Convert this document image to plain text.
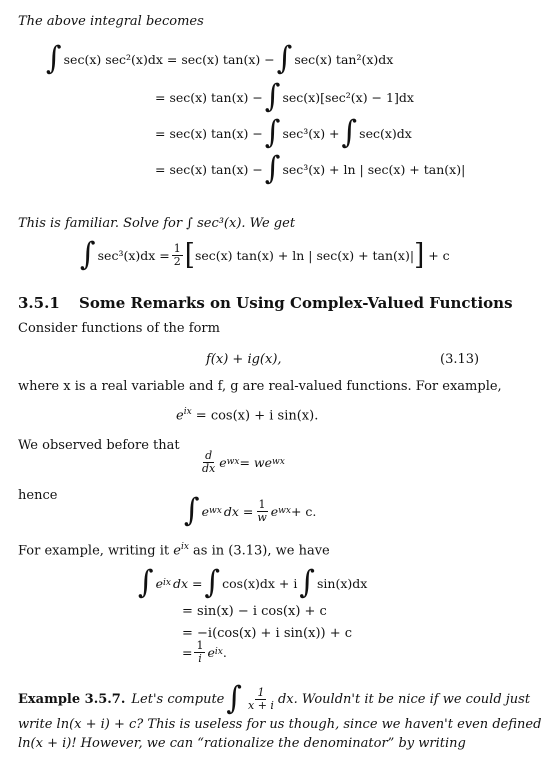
The above integral becomes
∫ sec(x) sec²(x)dx = sec(x) tan(x) − ∫ sec(x) tan²(x)dx
= sec(x) tan(x) − ∫ sec(x)[sec²(x) − 1]dx
= sec(x) tan(x) − ∫ sec³(x) + ∫ sec(x)dx
= sec(x) tan(x) − ∫ sec³(x) + ln | sec(x) + tan(x)|
This is familiar. Solve for ∫ sec³(x). We get
∫ $\sec^3(x)dx = \frac{1}{2}$ [ sec(x) tan(x) + ln | sec(x) + tan(x)| ] + c
3.5.1 Some Remarks on Using Complex-Valued Functions
Consider functions of the form
f(x) + ig(x),	(3.13)
where x is a real variable and f, g are real-valued functions. For example,
$e^{ix} = \cos(x) + i$ sin(x).
We observed before that
$\frac{d}{dx}$ e wx = we wx
hence	∫ e wx dx = $\frac{1}{w}$ e wx + c.
For example, writing it $e^{ix}$ as in (3.13), we have
∫ e ix dx = ∫ cos(x)dx + i ∫ sin(x)dx
= sin(x) − i cos(x) + c
= −i(cos(x) + i sin(x)) + c
= $\frac{1}{i}$ e ix .
Example 3.5.7. Let's compute ∫ $\frac{1}{x + i}$ dx. Wouldn't it be nice if we could just
write ln(x + i) + c? This is useless for us though, since we haven't even defined
ln(x + i)! However, we can “rationalize the denominator” by writing
